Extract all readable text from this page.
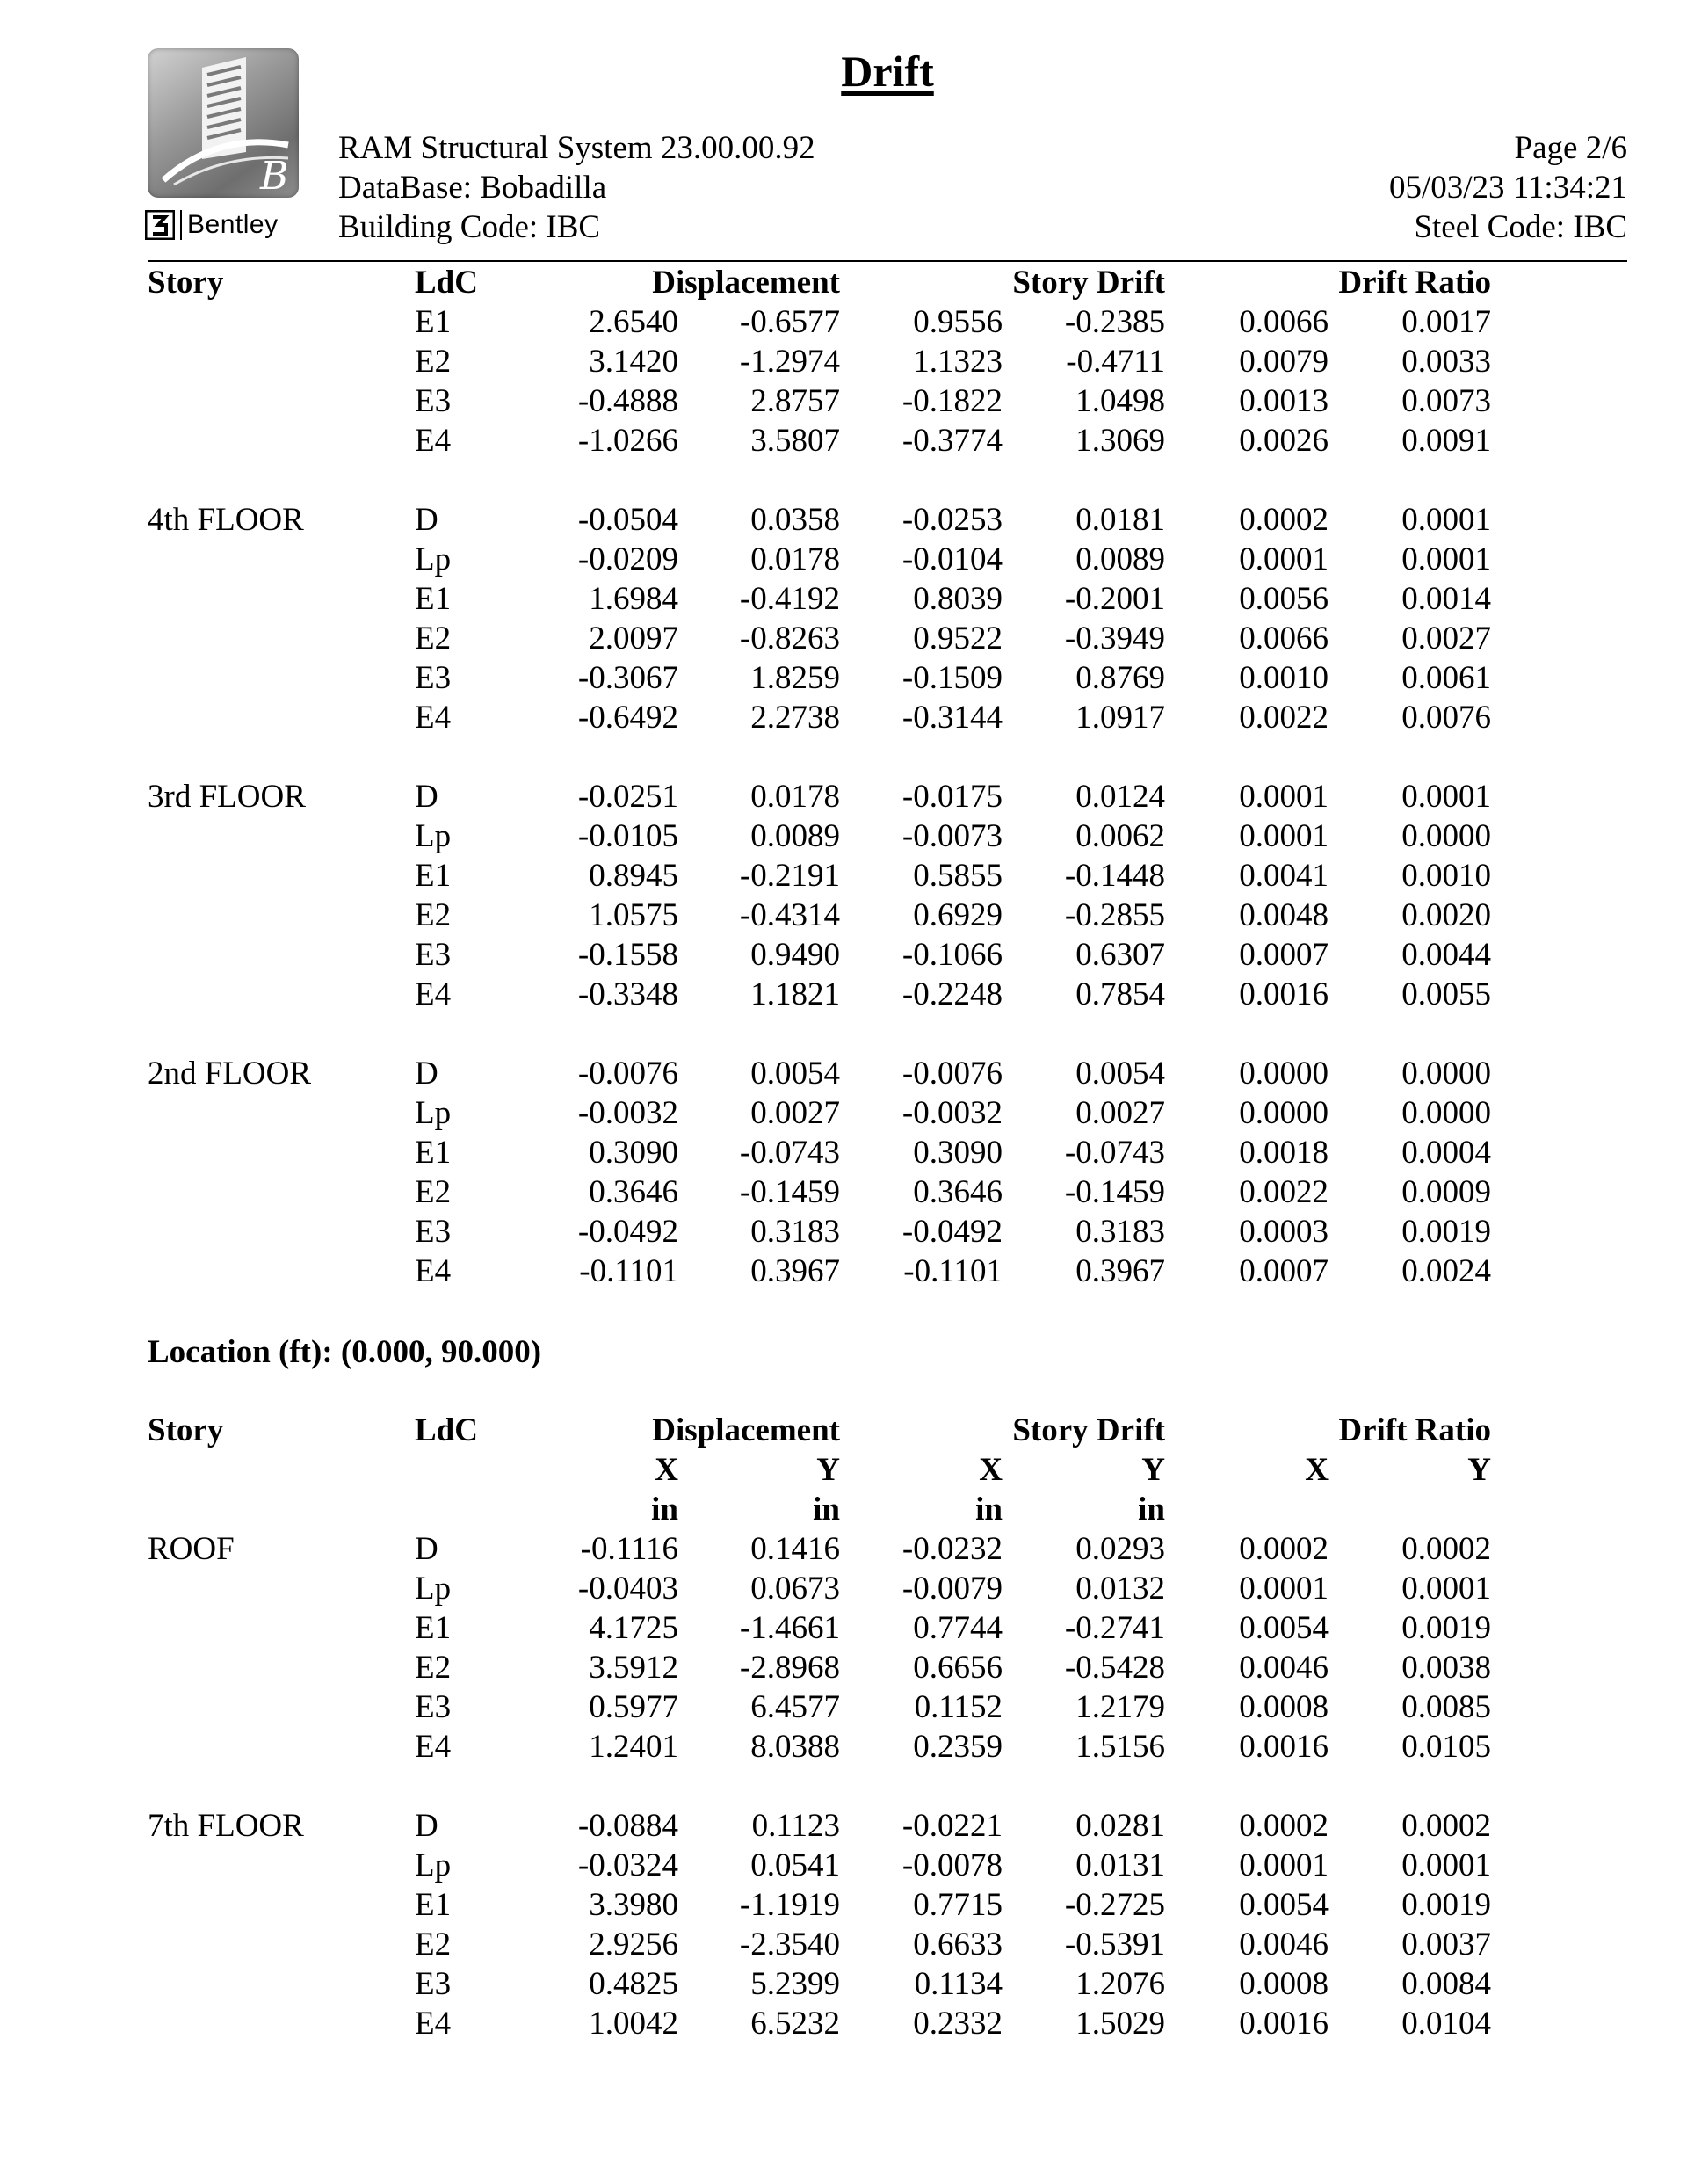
B
Bentley
Drift
RAM Structural System 23.00.00.92
DataBase: Bobadilla
Building Code: IBC
Page 2/6
05/03/23 11:34:21
Steel Code: IBC
Story	LdC	Displacement	Story Drift	Drift Ratio
E1	2.6540 -0.6577 0.9556 -0.2385 0.0066 0.0017
E2	3.1420 -1.2974 1.1323 -0.4711 0.0079 0.0033
E3	-0.4888 2.8757 -0.1822 1.0498 0.0013 0.0073
E4	-1.0266 3.5807 -0.3774 1.3069 0.0026 0.0091
4th FLOOR	D	-0.0504 0.0358 -0.0253 0.0181 0.0002 0.0001
Lp	-0.0209 0.0178 -0.0104 0.0089 0.0001 0.0001
E1	1.6984 -0.4192 0.8039 -0.2001 0.0056 0.0014
E2	2.0097 -0.8263 0.9522 -0.3949 0.0066 0.0027
E3	-0.3067 1.8259 -0.1509 0.8769 0.0010 0.0061
E4	-0.6492 2.2738 -0.3144 1.0917 0.0022 0.0076
3rd FLOOR	D	-0.0251 0.0178 -0.0175 0.0124 0.0001 0.0001
Lp	-0.0105 0.0089 -0.0073 0.0062 0.0001 0.0000
E1	0.8945 -0.2191 0.5855 -0.1448 0.0041 0.0010
E2	1.0575 -0.4314 0.6929 -0.2855 0.0048 0.0020
E3	-0.1558 0.9490 -0.1066 0.6307 0.0007 0.0044
E4	-0.3348 1.1821 -0.2248 0.7854 0.0016 0.0055
2nd FLOOR	D	-0.0076 0.0054 -0.0076 0.0054 0.0000 0.0000
Lp	-0.0032 0.0027 -0.0032 0.0027 0.0000 0.0000
E1	0.3090 -0.0743 0.3090 -0.0743 0.0018 0.0004
E2	0.3646 -0.1459 0.3646 -0.1459 0.0022 0.0009
E3	-0.0492 0.3183 -0.0492 0.3183 0.0003 0.0019
E4	-0.1101 0.3967 -0.1101 0.3967 0.0007 0.0024
Location (ft): (0.000, 90.000)
Story	LdC	Displacement	Story Drift	Drift Ratio
X	Y	X	Y	X	Y
in	in	in	in
ROOF	D	-0.1116 0.1416 -0.0232 0.0293 0.0002 0.0002
Lp	-0.0403 0.0673 -0.0079 0.0132 0.0001 0.0001
E1	4.1725 -1.4661 0.7744 -0.2741 0.0054 0.0019
E2	3.5912 -2.8968 0.6656 -0.5428 0.0046 0.0038
E3	0.5977 6.4577 0.1152 1.2179 0.0008 0.0085
E4	1.2401 8.0388 0.2359 1.5156 0.0016 0.0105
7th FLOOR	D	-0.0884 0.1123 -0.0221 0.0281 0.0002 0.0002
Lp	-0.0324 0.0541 -0.0078 0.0131 0.0001 0.0001
E1	3.3980 -1.1919 0.7715 -0.2725 0.0054 0.0019
E2	2.9256 -2.3540 0.6633 -0.5391 0.0046 0.0037
E3	0.4825 5.2399 0.1134 1.2076 0.0008 0.0084
E4	1.0042 6.5232 0.2332 1.5029 0.0016 0.0104
